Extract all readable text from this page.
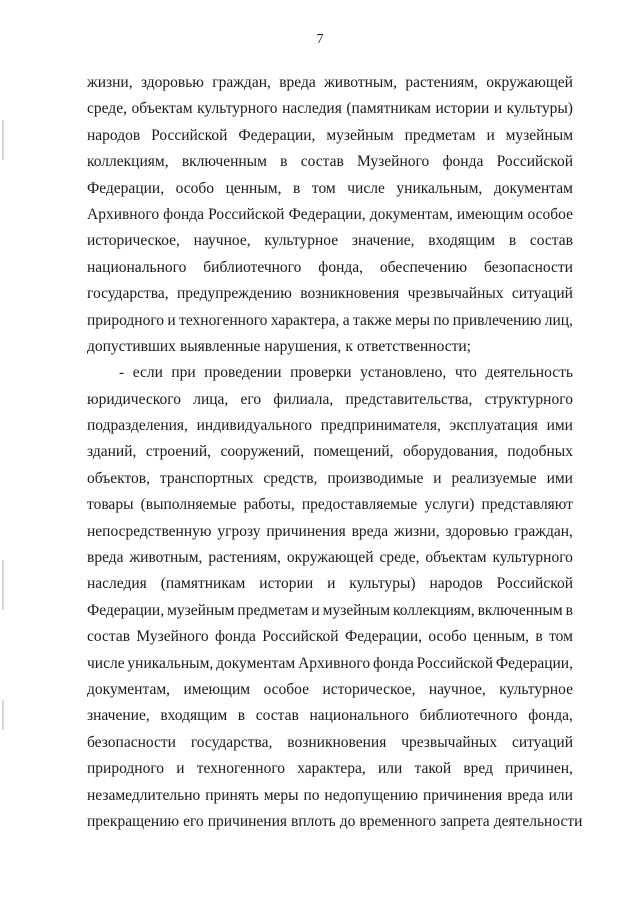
7
жизни, здоровью граждан, вреда животным, растениям, окружающей
среде, объектам культурного наследия (памятникам истории и культуры)
народов Российской Федерации, музейным предметам и музейным
коллекциям, включенным в состав Музейного фонда Российской
Федерации, особо ценным, в том числе уникальным, документам
Архивного фонда Российской Федерации, документам, имеющим особое
историческое, научное, культурное значение, входящим в состав
национального библиотечного фонда, обеспечению безопасности
государства, предупреждению возникновения чрезвычайных ситуаций
природного и техногенного характера, а также меры по привлечению лиц,
допустивших выявленные нарушения, к ответственности;
- если при проведении проверки установлено, что деятельность
юридического лица, его филиала, представительства, структурного
подразделения, индивидуального предпринимателя, эксплуатация ими
зданий, строений, сооружений, помещений, оборудования, подобных
объектов, транспортных средств, производимые и реализуемые ими
товары (выполняемые работы, предоставляемые услуги) представляют
непосредственную угрозу причинения вреда жизни, здоровью граждан,
вреда животным, растениям, окружающей среде, объектам культурного
наследия (памятникам истории и культуры) народов Российской
Федерации, музейным предметам и музейным коллекциям, включенным в
состав Музейного фонда Российской Федерации, особо ценным, в том
числе уникальным, документам Архивного фонда Российской Федерации,
документам, имеющим особое историческое, научное, культурное
значение, входящим в состав национального библиотечного фонда,
безопасности государства, возникновения чрезвычайных ситуаций
природного и техногенного характера, или такой вред причинен,
незамедлительно принять меры по недопущению причинения вреда или
прекращению его причинения вплоть до временного запрета деятельности
